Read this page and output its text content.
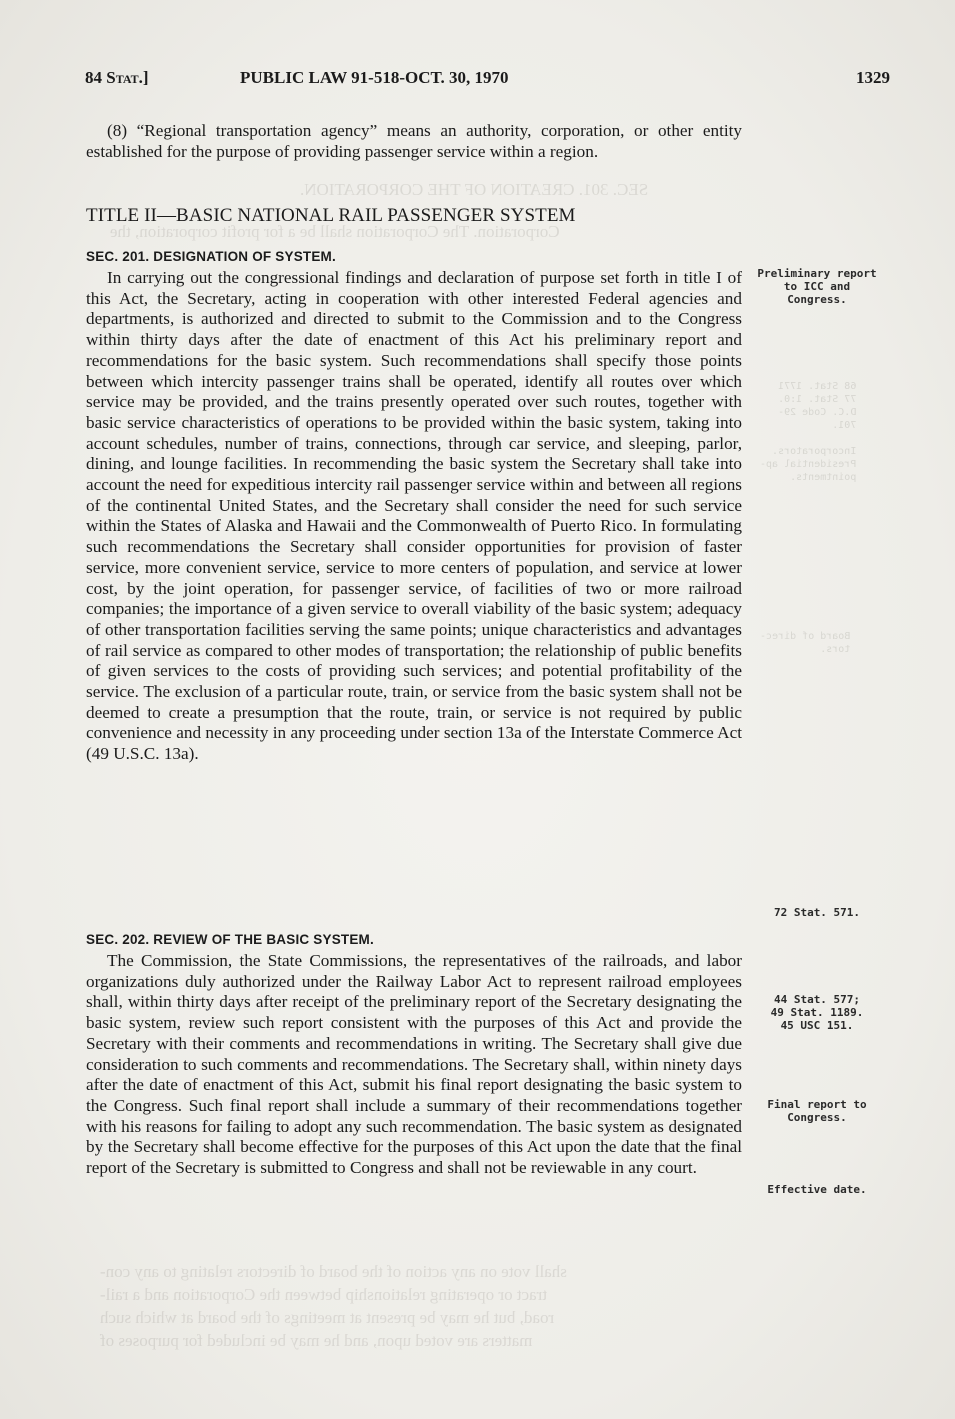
SEC. 301. CREATION OF THE CORPORATION.
Corporation. The Corporation shall be a for profit corporation, the
shall vote on any action of the board of directors relating to any con-
tract or operating relationship between the Corporation and a rail-
road, but he may be present at meetings of the board at which such
matters are voted upon, and he may be included for purposes of
68 Stat. 1771
77 Stat. 1:0.
D.C. Code 29-
701.

Incorporators.
Presidential ap-
pointments.
Board of direc-
tors.
84 Stat.]	PUBLIC LAW 91-518-OCT. 30, 1970	1329

(8) “Regional transportation agency” means an authority, corporation, or other entity established for the purpose of providing passenger service within a region.

TITLE II—BASIC NATIONAL RAIL PASSENGER SYSTEM
SEC. 201. DESIGNATION OF SYSTEM.

In carrying out the congressional findings and declaration of purpose set forth in title I of this Act, the Secretary, acting in cooperation with other interested Federal agencies and departments, is authorized and directed to submit to the Commission and to the Congress within thirty days after the date of enactment of this Act his preliminary report and recommendations for the basic system. Such recommendations shall specify those points between which intercity passenger trains shall be operated, identify all routes over which service may be provided, and the trains presently operated over such routes, together with basic service characteristics of operations to be provided within the basic system, taking into account schedules, number of trains, connections, through car service, and sleeping, parlor, dining, and lounge facilities. In recommending the basic system the Secretary shall take into account the need for expeditious intercity rail passenger service within and between all regions of the continental United States, and the Secretary shall consider the need for such service within the States of Alaska and Hawaii and the Commonwealth of Puerto Rico. In formulating such recommendations the Secretary shall consider opportunities for provision of faster service, more convenient service, service to more centers of population, and service at lower cost, by the joint operation, for passenger service, of facilities of two or more railroad companies; the importance of a given service to overall viability of the basic system; adequacy of other transportation facilities serving the same points; unique characteristics and advantages of rail service as compared to other modes of transportation; the relationship of public benefits of given services to the costs of providing such services; and potential profitability of the service. The exclusion of a particular route, train, or service from the basic system shall not be deemed to create a presumption that the route, train, or service is not required by public convenience and necessity in any proceeding under section 13a of the Interstate Commerce Act (49 U.S.C. 13a).

SEC. 202. REVIEW OF THE BASIC SYSTEM.

The Commission, the State Commissions, the representatives of the railroads, and labor organizations duly authorized under the Railway Labor Act to represent railroad employees shall, within thirty days after receipt of the preliminary report of the Secretary designating the basic system, review such report consistent with the purposes of this Act and provide the Secretary with their comments and recommendations in writing. The Secretary shall give due consideration to such comments and recommendations. The Secretary shall, within ninety days after the date of enactment of this Act, submit his final report designating the basic system to the Congress. Such final report shall include a summary of their recommendations together with his reasons for failing to adopt any such recommendation. The basic system as designated by the Secretary shall become effective for the purposes of this Act upon the date that the final report of the Secretary is submitted to Congress and shall not be reviewable in any court.

Preliminary report to ICC and Congress.
72 Stat. 571.
44 Stat. 577;
49 Stat. 1189.
45 USC 151.
Final report to Congress.
Effective date.
